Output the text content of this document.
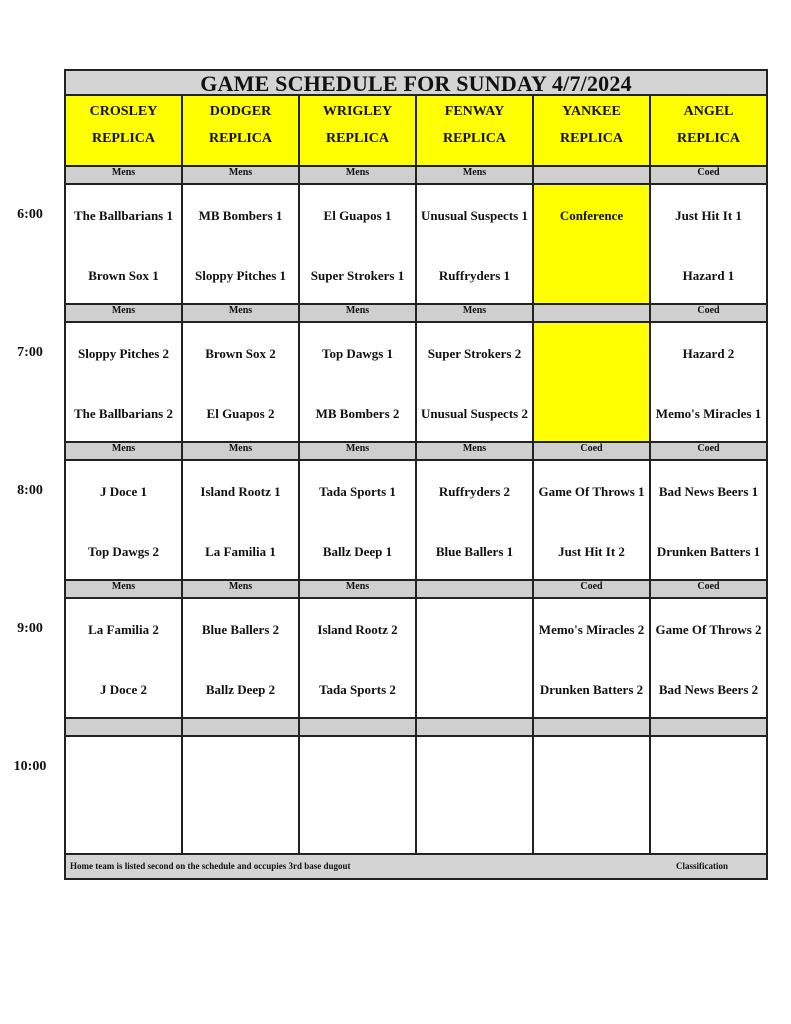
6:00
7:00
8:00
9:00
10:00
GAME SCHEDULE FOR SUNDAY 4/7/2024
CROSLEY
REPLICA
DODGER
REPLICA
WRIGLEY
REPLICA
FENWAY
REPLICA
YANKEE
REPLICA
ANGEL
REPLICA
Mens
The Ballbarians 1
Brown Sox 1
Mens
MB Bombers 1
Sloppy Pitches 1
Mens
El Guapos 1
Super Strokers 1
Mens
Unusual Suspects 1
Ruffryders 1
Conference
Coed
Just Hit It 1
Hazard 1
Mens
Sloppy Pitches 2
The Ballbarians 2
Mens
Brown Sox 2
El Guapos 2
Mens
Top Dawgs 1
MB Bombers 2
Mens
Super Strokers 2
Unusual Suspects 2
Coed
Hazard 2
Memo's Miracles 1
Mens
J Doce 1
Top Dawgs 2
Mens
Island Rootz 1
La Familia 1
Mens
Tada Sports 1
Ballz Deep 1
Mens
Ruffryders 2
Blue Ballers 1
Coed
Game Of Throws 1
Just Hit It 2
Coed
Bad News Beers 1
Drunken Batters 1
Mens
La Familia 2
J Doce 2
Mens
Blue Ballers 2
Ballz Deep 2
Mens
Island Rootz 2
Tada Sports 2
Coed
Memo's Miracles 2
Drunken Batters 2
Coed
Game Of Throws 2
Bad News Beers 2
Home team is listed second on the schedule and occupies 3rd base dugout	Classification
